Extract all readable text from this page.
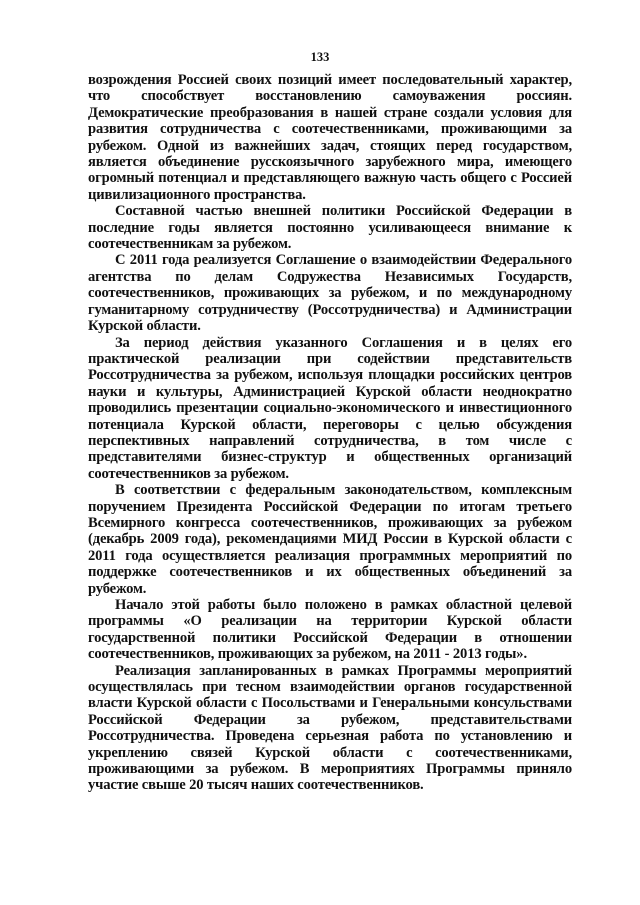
133

возрождения Россией своих позиций имеет последовательный характер, что способствует восстановлению самоуважения россиян. Демократические преобразования в нашей стране создали условия для развития сотрудничества с соотечественниками, проживающими за рубежом. Одной из важнейших задач, стоящих перед государством, является объединение русскоязычного зарубежного мира, имеющего огромный потенциал и представляющего важную часть общего с Россией цивилизационного пространства.

Составной частью внешней политики Российской Федерации в последние годы является постоянно усиливающееся внимание к соотечественникам за рубежом.

С 2011 года реализуется Соглашение о взаимодействии Федерального агентства по делам Содружества Независимых Государств, соотечественников, проживающих за рубежом, и по международному гуманитарному сотрудничеству (Россотрудничества) и Администрации Курской области.

За период действия указанного Соглашения и в целях его практической реализации при содействии представительств Россотрудничества за рубежом, используя площадки российских центров науки и культуры, Администрацией Курской области неоднократно проводились презентации социально-экономического и инвестиционного потенциала Курской области, переговоры с целью обсуждения перспективных направлений сотрудничества, в том числе с представителями бизнес-структур и общественных организаций соотечественников за рубежом.

В соответствии с федеральным законодательством, комплексным поручением Президента Российской Федерации по итогам третьего Всемирного конгресса соотечественников, проживающих за рубежом (декабрь 2009 года), рекомендациями МИД России в Курской области с 2011 года осуществляется реализация программных мероприятий по поддержке соотечественников и их общественных объединений за рубежом.

Начало этой работы было положено в рамках областной целевой программы «О реализации на территории Курской области государственной политики Российской Федерации в отношении соотечественников, проживающих за рубежом, на 2011 - 2013 годы».

Реализация запланированных в рамках Программы мероприятий осуществлялась при тесном взаимодействии органов государственной власти Курской области с Посольствами и Генеральными консульствами Российской Федерации за рубежом, представительствами Россотрудничества. Проведена серьезная работа по установлению и укреплению связей Курской области с соотечественниками, проживающими за рубежом. В мероприятиях Программы приняло участие свыше 20 тысяч наших соотечественников.
